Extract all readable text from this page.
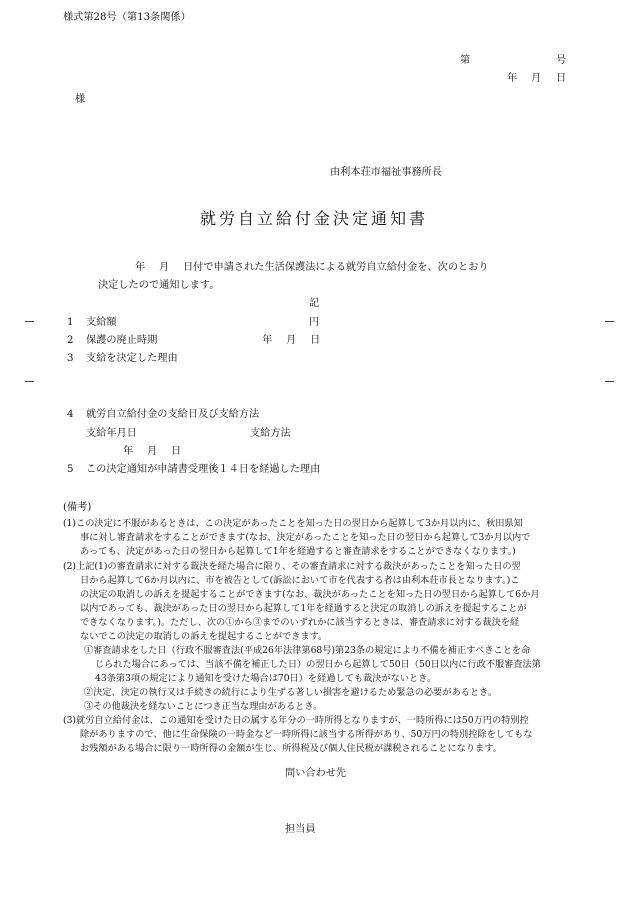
様式第28号（第13条関係）
第	号
年 月 日
様
由利本荘市福祉事務所長
就労自立給付金決定通知書
年 月 日付で申請された生活保護法による就労自立給付金を、次のとおり
決定したので通知します。
記
1 支給額	円
2 保護の廃止時期	年 月 日
3 支給を決定した理由
4 就労自立給付金の支給日及び支給方法
支給年月日	支給方法
年 月 日
5 この決定通知が申請書受理後１４日を経過した理由
(備考)
(1)この決定に不服があるときは、この決定があったことを知った日の翌日から起算して3か月以内に、秋田県知
事に対し審査請求をすることができます(なお、決定があったことを知った日の翌日から起算して3か月以内で
あっても、決定があった日の翌日から起算して1年を経過すると審査請求をすることができなくなります。)
(2)上記(1)の審査請求に対する裁決を経た場合に限り、その審査請求に対する裁決があったことを知った日の翌
日から起算して6か月以内に、市を被告として(訴訟において市を代表する者は由利本荘市長となります。)こ
の決定の取消しの訴えを提起することができます(なお、裁決があったことを知った日の翌日から起算して6か月
以内であっても、裁決があった日の翌日から起算して1年を経過すると決定の取消しの訴えを提起することが
できなくなります。)。ただし、次の①から③までのいずれかに該当するときは、審査請求に対する裁決を経
ないでこの決定の取消しの訴えを提起することができます。
①審査請求をした日（行政不服審査法(平成26年法律第68号)第23条の規定により不備を補正すべきことを命
じられた場合にあっては、当該不備を補正した日）の翌日から起算して50日（50日以内に行政不服審査法第
43条第3項の規定により通知を受けた場合は70日）を経過しても裁決がないとき。
②決定、決定の執行又は手続きの続行により生ずる著しい損害を避けるため緊急の必要があるとき。
③その他裁決を経ないことにつき正当な理由があるとき。
(3)就労自立給付金は、この通知を受けた日の属する年分の一時所得となりますが、一時所得には50万円の特別控
除がありますので、他に生命保険の一時金など一時所得に該当する所得があり、50万円の特別控除をしてもな
お残額がある場合に限り一時所得の金額が生じ、所得税及び個人住民税が課税されることになります。
問い合わせ先
担当員
